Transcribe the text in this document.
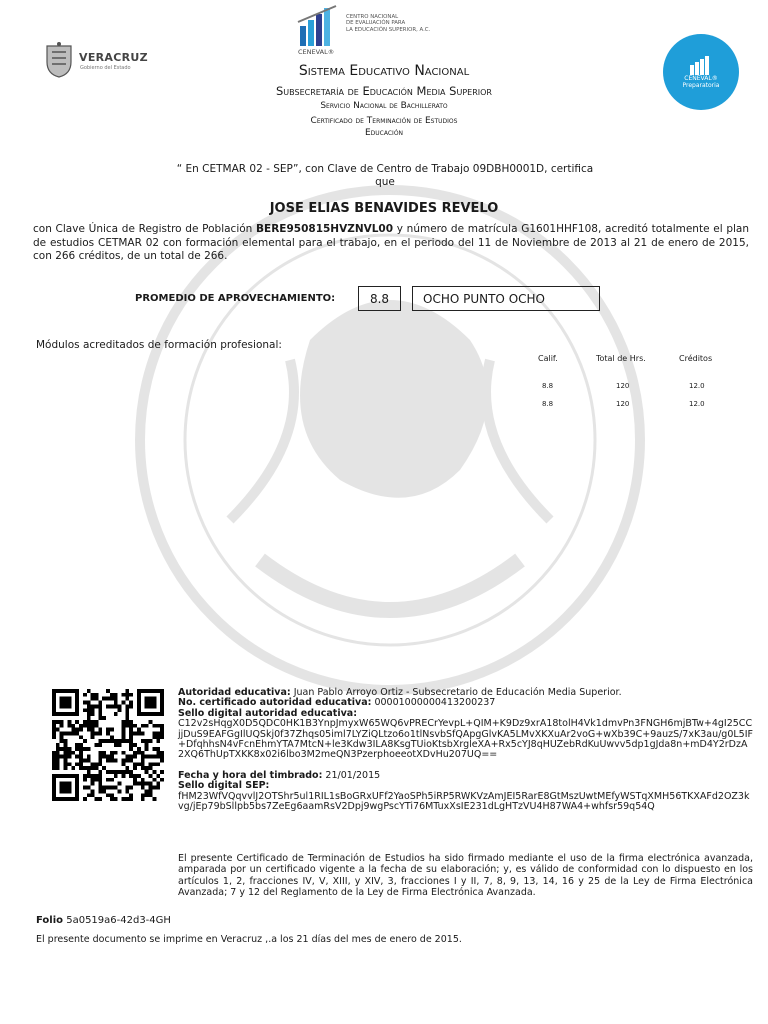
VERACRUZ
Gobierno del Estado
CENTRO NACIONAL
DE EVALUACIÓN PARA
LA EDUCACIÓN SUPERIOR, A.C.
CENEVAL®
CENEVAL®
Preparatoria
Sistema Educativo Nacional
Subsecretaría de Educación Media Superior
Servicio Nacional de Bachillerato
Certificado de Terminación de Estudios
Educación
“ En CETMAR 02 - SEP”, con Clave de Centro de Trabajo 09DBH0001D, certifica
que
JOSE ELIAS BENAVIDES REVELO
con Clave Única de Registro de Población BERE950815HVZNVL00 y número de matrícula G1601HHF108, acreditó totalmente el plan de estudios CETMAR 02 con formación elemental para el trabajo, en el periodo del 11 de Noviembre de 2013 al 21 de enero de 2015, con 266 créditos, de un total de 266.
PROMEDIO DE APROVECHAMIENTO:	8.8	OCHO PUNTO OCHO
Módulos acreditados de formación profesional:
Calif.	Total de Hrs.	Créditos
8.8	120	12.0
8.8	120	12.0
Autoridad educativa: Juan Pablo Arroyo Ortiz - Subsecretario de Educación Media Superior.
No. certificado autoridad educativa: 00001000000413200237
Sello digital autoridad educativa:
C12v2sHqgX0D5QDC0HK1B3YnpJmyxW65WQ6vPRECrYevpL+QIM+K9Dz9xrA18tolH4Vk1dmvPn3FNGH6mjBTw+4gI25CCjjDuS9EAFGgIlUQSkj0f37Zhqs05iml7LYZiQLtzo6o1tlNsvbSfQApgGlvKA5LMvXKXuAr2voG+wXb39C+9auzS/7xK3au/g0L5IF+DfqhhsN4vFcnEhmYTA7MtcN+le3Kdw3ILA8KsgTUioKtsbXrgleXA+Rx5cYJ8qHUZebRdKuUwvv5dp1gJda8n+mD4Y2rDzA2XQ6ThUpTXKK8x02i6lbo3M2meQN3PzerphoeeotXDvHu207UQ==
Fecha y hora del timbrado: 21/01/2015
Sello digital SEP:
fHM23WfVQqvvlJ2OTShr5ul1RIL1sBoGRxUFf2YaoSPh5iRP5RWKVzAmJEI5RarE8GtMszUwtMEfyWSTqXMH56TKXAFd2OZ3kvg/jEp79bSllpb5bs7ZeEg6aamRsV2Dpj9wgPscYTi76MTuxXsIE231dLgHTzVU4H87WA4+whfsr59q54Q
El presente Certificado de Terminación de Estudios ha sido firmado mediante el uso de la firma electrónica avanzada, amparada por un certificado vigente a la fecha de su elaboración; y, es válido de conformidad con lo dispuesto en los artículos 1, 2, fracciones IV, V, XIII, y XIV, 3, fracciones I y II, 7, 8, 9, 13, 14, 16 y 25 de la Ley de Firma Electrónica Avanzada; 7 y 12 del Reglamento de la Ley de Firma Electrónica Avanzada.
Folio 5a0519a6-42d3-4GH
El presente documento se imprime en Veracruz ,.a los 21 días del mes de enero de 2015.
